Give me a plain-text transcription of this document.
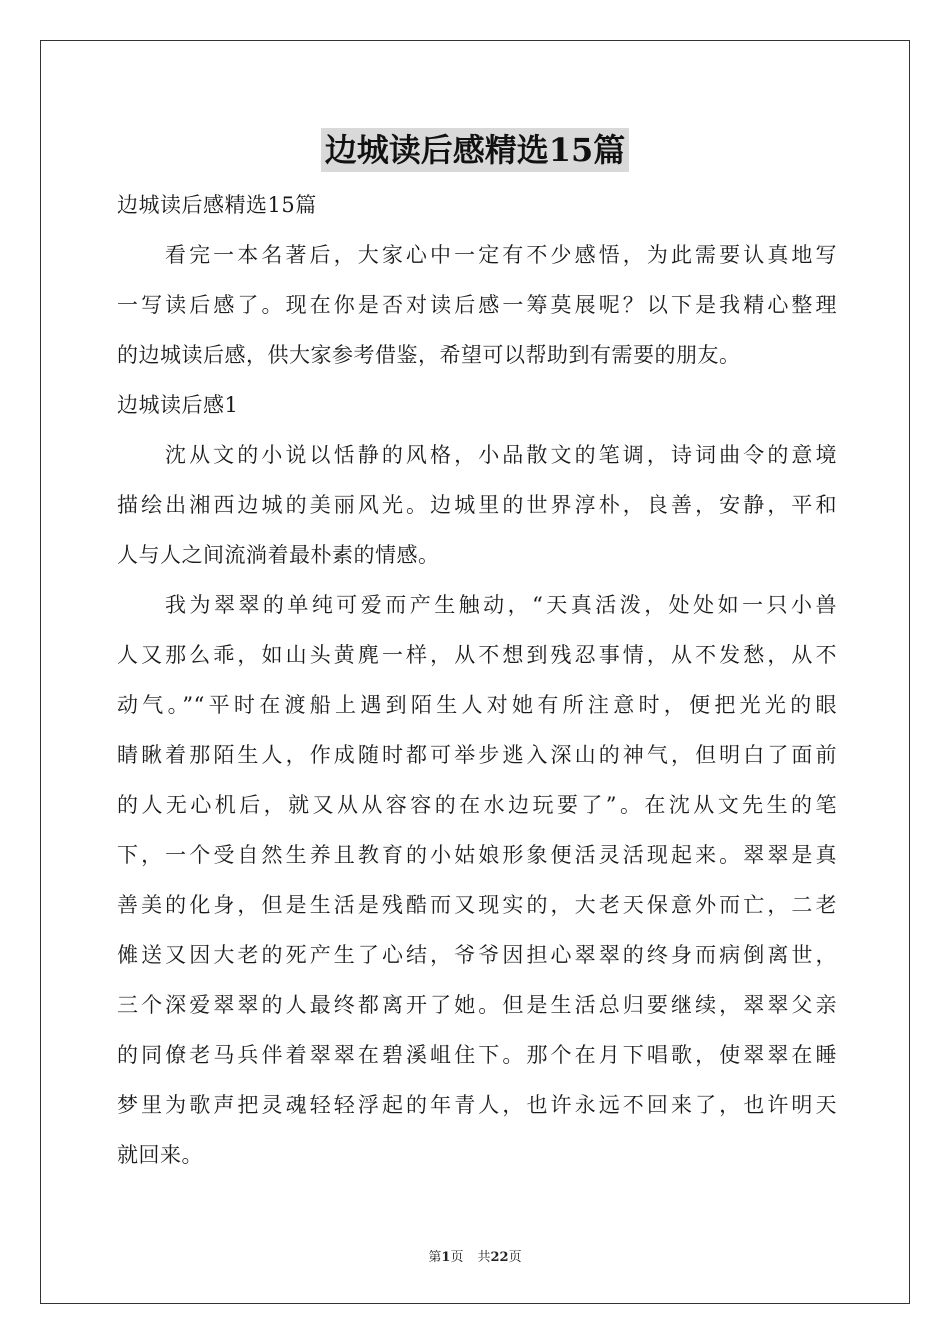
边城读后感精选15篇

边城读后感精选15篇

看完一本名著后，大家心中一定有不少感悟，为此需要认真地写

一写读后感了。现在你是否对读后感一筹莫展呢？以下是我精心整理

的边城读后感，供大家参考借鉴，希望可以帮助到有需要的朋友。

边城读后感1

沈从文的小说以恬静的风格，小品散文的笔调，诗词曲令的意境

描绘出湘西边城的美丽风光。边城里的世界淳朴，良善，安静，平和

人与人之间流淌着最朴素的情感。

我为翠翠的单纯可爱而产生触动，“天真活泼，处处如一只小兽

人又那么乖，如山头黄麂一样，从不想到残忍事情，从不发愁，从不

动气。”“平时在渡船上遇到陌生人对她有所注意时，便把光光的眼

睛瞅着那陌生人，作成随时都可举步逃入深山的神气，但明白了面前

的人无心机后，就又从从容容的在水边玩要了”。在沈从文先生的笔

下，一个受自然生养且教育的小姑娘形象便活灵活现起来。翠翠是真

善美的化身，但是生活是残酷而又现实的，大老天保意外而亡，二老

傩送又因大老的死产生了心结，爷爷因担心翠翠的终身而病倒离世，

三个深爱翠翠的人最终都离开了她。但是生活总归要继续，翠翠父亲

的同僚老马兵伴着翠翠在碧溪岨住下。那个在月下唱歌，使翠翠在睡

梦里为歌声把灵魂轻轻浮起的年青人，也许永远不回来了，也许明天

就回来。

第1页 共22页
